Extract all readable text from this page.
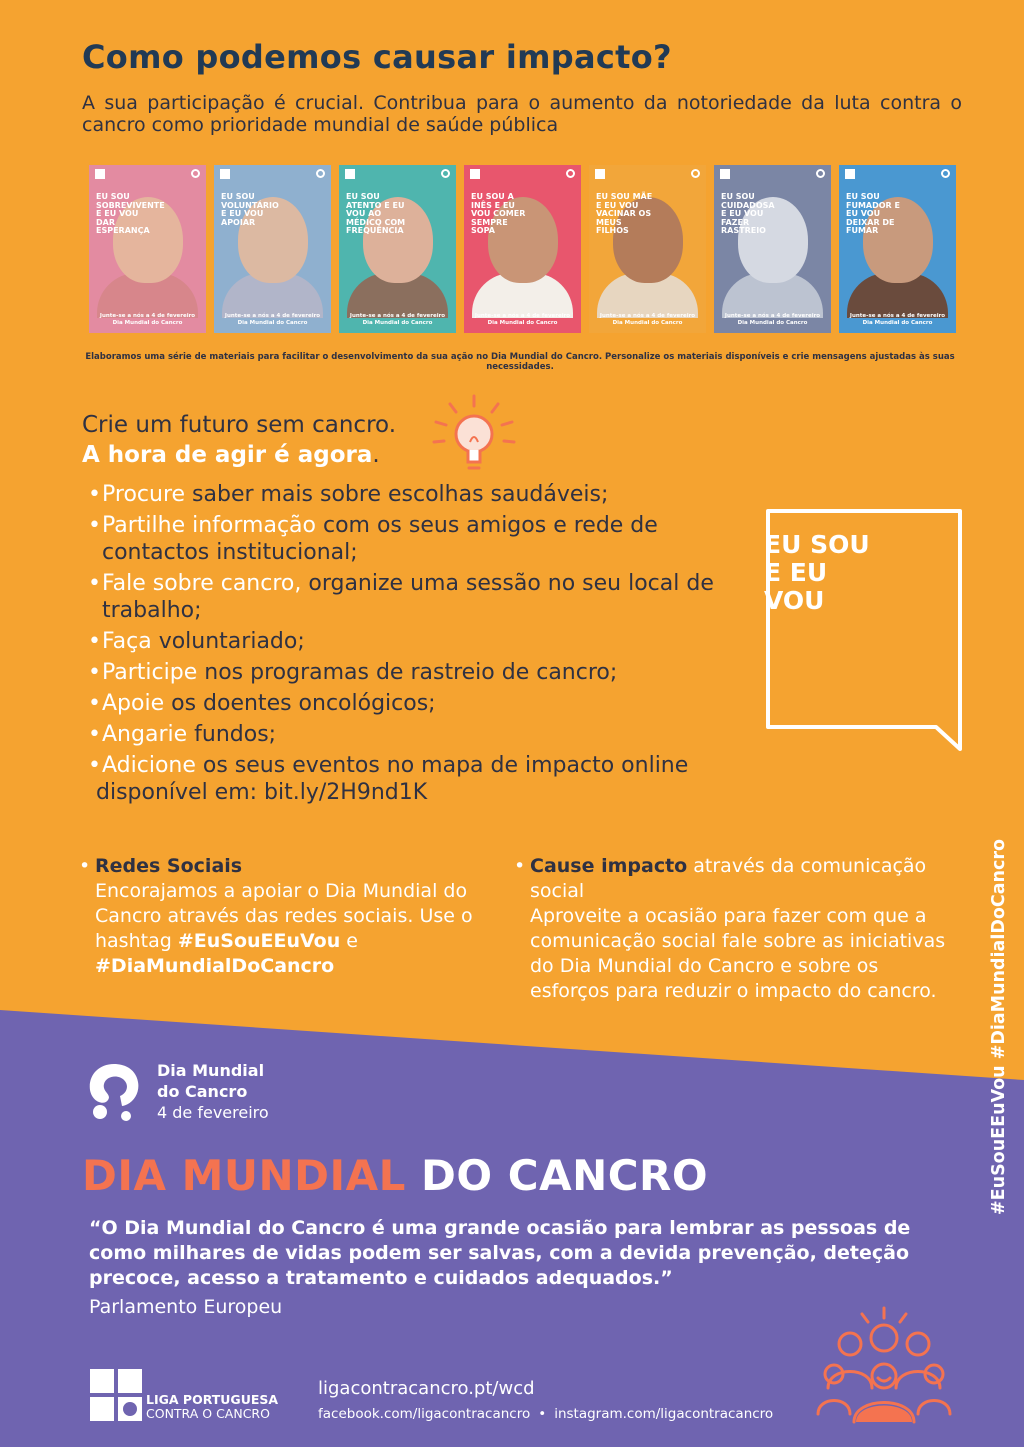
Como podemos causar impacto?

A sua participação é crucial. Contribua para o aumento da notoriedade da luta contra o cancro como prioridade mundial de saúde pública

EU SOU SOBREVIVENTE E EU VOU DAR ESPERANÇA
Junte-se a nós a 4 de fevereiro
Dia Mundial do Cancro
EU SOU VOLUNTÁRIO E EU VOU APOIAR
Junte-se a nós a 4 de fevereiro
Dia Mundial do Cancro
EU SOU ATENTO E EU VOU AO MÉDICO COM FREQUÊNCIA
Junte-se a nós a 4 de fevereiro
Dia Mundial do Cancro
EU SOU A INÊS E EU VOU COMER SEMPRE SOPA
Junte-se a nós a 4 de fevereiro
Dia Mundial do Cancro
EU SOU MÃE E EU VOU VACINAR OS MEUS FILHOS
Junte-se a nós a 4 de fevereiro
Dia Mundial do Cancro
EU SOU CUIDADOSA E EU VOU FAZER RASTREIO
Junte-se a nós a 4 de fevereiro
Dia Mundial do Cancro
EU SOU FUMADOR E EU VOU DEIXAR DE FUMAR
Junte-se a nós a 4 de fevereiro
Dia Mundial do Cancro

Elaboramos uma série de materiais para facilitar o desenvolvimento da sua ação no Dia Mundial do Cancro. Personalize os materiais disponíveis e crie mensagens ajustadas às suas necessidades.

Crie um futuro sem cancro.
A hora de agir é agora.
• Procure saber mais sobre escolhas saudáveis;
• Partilhe informação com os seus amigos e rede de contactos institucional;
• Fale sobre cancro, organize uma sessão no seu local de trabalho;
• Faça voluntariado;
• Participe nos programas de rastreio de cancro;
• Apoie os doentes oncológicos;
• Angarie fundos;
• Adicione os seus eventos no mapa de impacto online
disponível em: bit.ly/2H9nd1K

EU SOU
E EU
VOU

• Redes Sociais
Encorajamos a apoiar o Dia Mundial do Cancro através das redes sociais. Use o hashtag #EuSouEEuVou e #DiaMundialDoCancro
• Cause impacto através da comunicação social
Aproveite a ocasião para fazer com que a comunicação social fale sobre as iniciativas do Dia Mundial do Cancro e sobre os esforços para reduzir o impacto do cancro.	#EuSouEEuVou #DiaMundialDoCancro
Dia Mundial
do Cancro
4 de fevereiro
DIA MUNDIAL DO CANCRO

“O Dia Mundial do Cancro é uma grande ocasião para lembrar as pessoas de como milhares de vidas podem ser salvas, com a devida prevenção, deteção precoce, acesso a tratamento e cuidados adequados.”

Parlamento Europeu
LIGA PORTUGUESA
CONTRA O CANCRO
ligacontracancro.pt/wcd
facebook.com/ligacontracancro • instagram.com/ligacontracancro
